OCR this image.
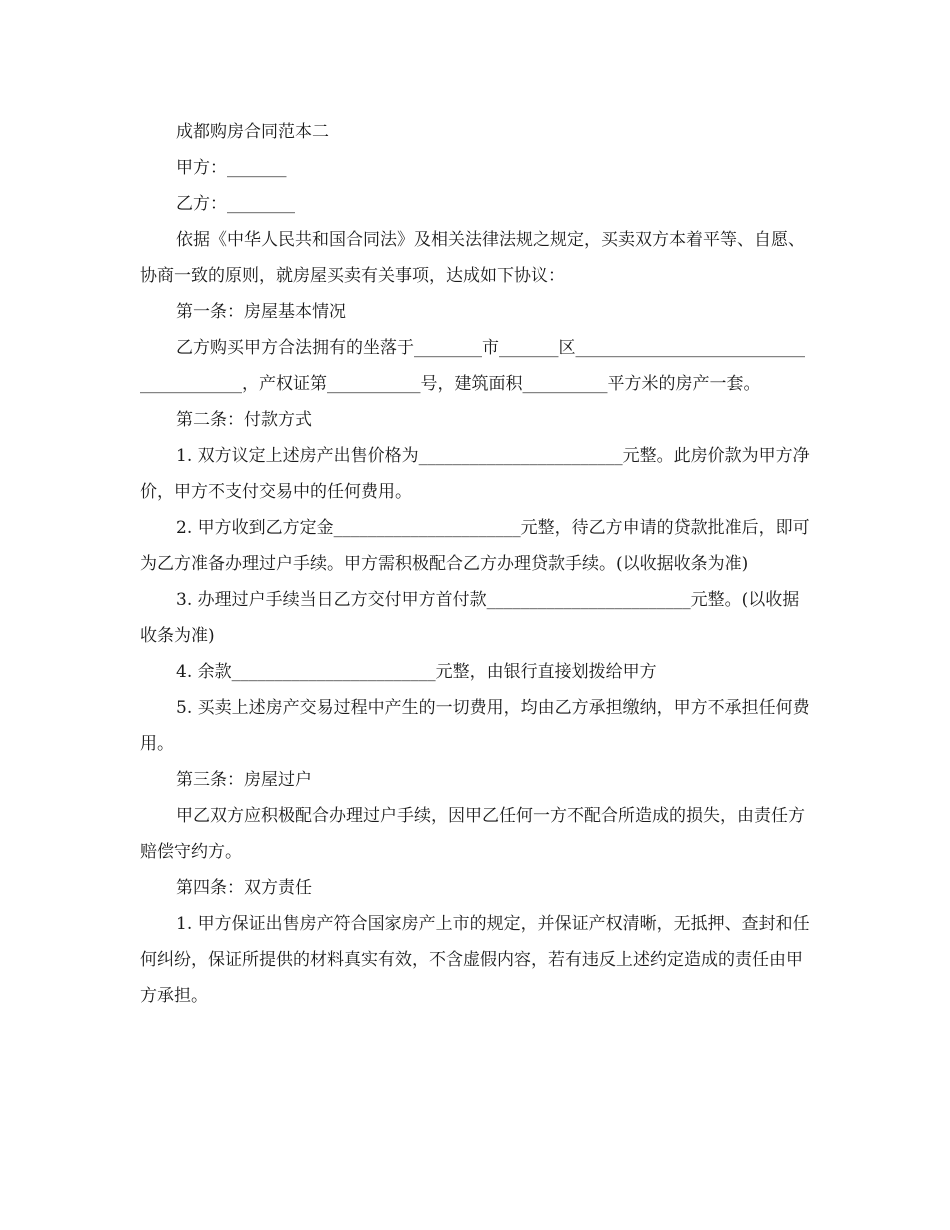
成都购房合同范本二

甲方：_______

乙方：________

依据《中华人民共和国合同法》及相关法律法规之规定，买卖双方本着平等、自愿、协商一致的原则，就房屋买卖有关事项，达成如下协议：

第一条：房屋基本情况

乙方购买甲方合法拥有的坐落于________市_______区_______________________________________，产权证第___________号，建筑面积__________平方米的房产一套。

第二条：付款方式

1. 双方议定上述房产出售价格为________________________元整。此房价款为甲方净价，甲方不支付交易中的任何费用。

2. 甲方收到乙方定金______________________元整，待乙方申请的贷款批准后，即可为乙方准备办理过户手续。甲方需积极配合乙方办理贷款手续。(以收据收条为准)

3. 办理过户手续当日乙方交付甲方首付款________________________元整。(以收据收条为准)

4. 余款________________________元整，由银行直接划拨给甲方

5. 买卖上述房产交易过程中产生的一切费用，均由乙方承担缴纳，甲方不承担任何费用。

第三条：房屋过户

甲乙双方应积极配合办理过户手续，因甲乙任何一方不配合所造成的损失，由责任方赔偿守约方。

第四条：双方责任

1. 甲方保证出售房产符合国家房产上市的规定，并保证产权清晰，无抵押、查封和任何纠纷，保证所提供的材料真实有效，不含虚假内容，若有违反上述约定造成的责任由甲方承担。
